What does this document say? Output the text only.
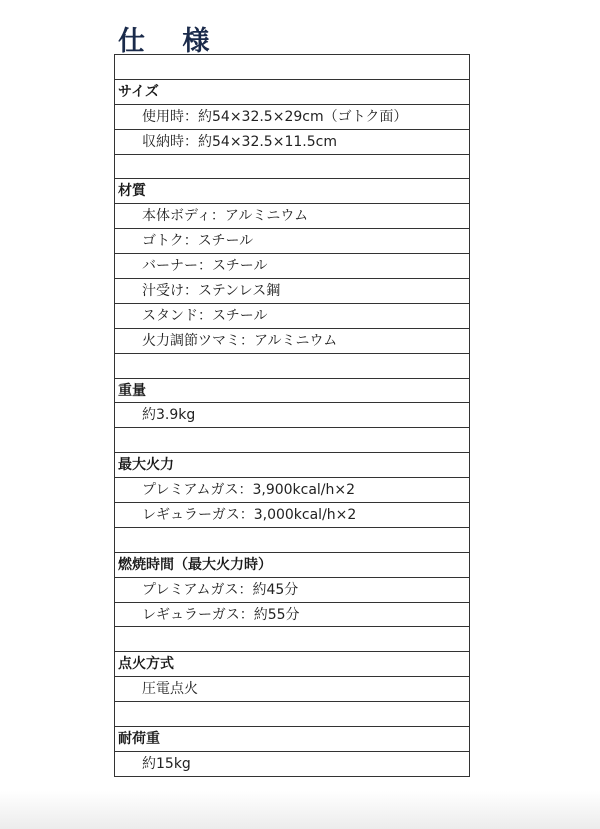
仕 様

サイズ
使用時：約54×32.5×29cm（ゴトク面）
収納時：約54×32.5×11.5cm

材質
本体ボディ：アルミニウム
ゴトク：スチール
バーナー：スチール
汁受け：ステンレス鋼
スタンド：スチール
火力調節ツマミ：アルミニウム

重量
約3.9kg

最大火力
プレミアムガス：3,900kcal/h×2
レギュラーガス：3,000kcal/h×2

燃焼時間（最大火力時）
プレミアムガス：約45分
レギュラーガス：約55分

点火方式
圧電点火

耐荷重
約15kg
